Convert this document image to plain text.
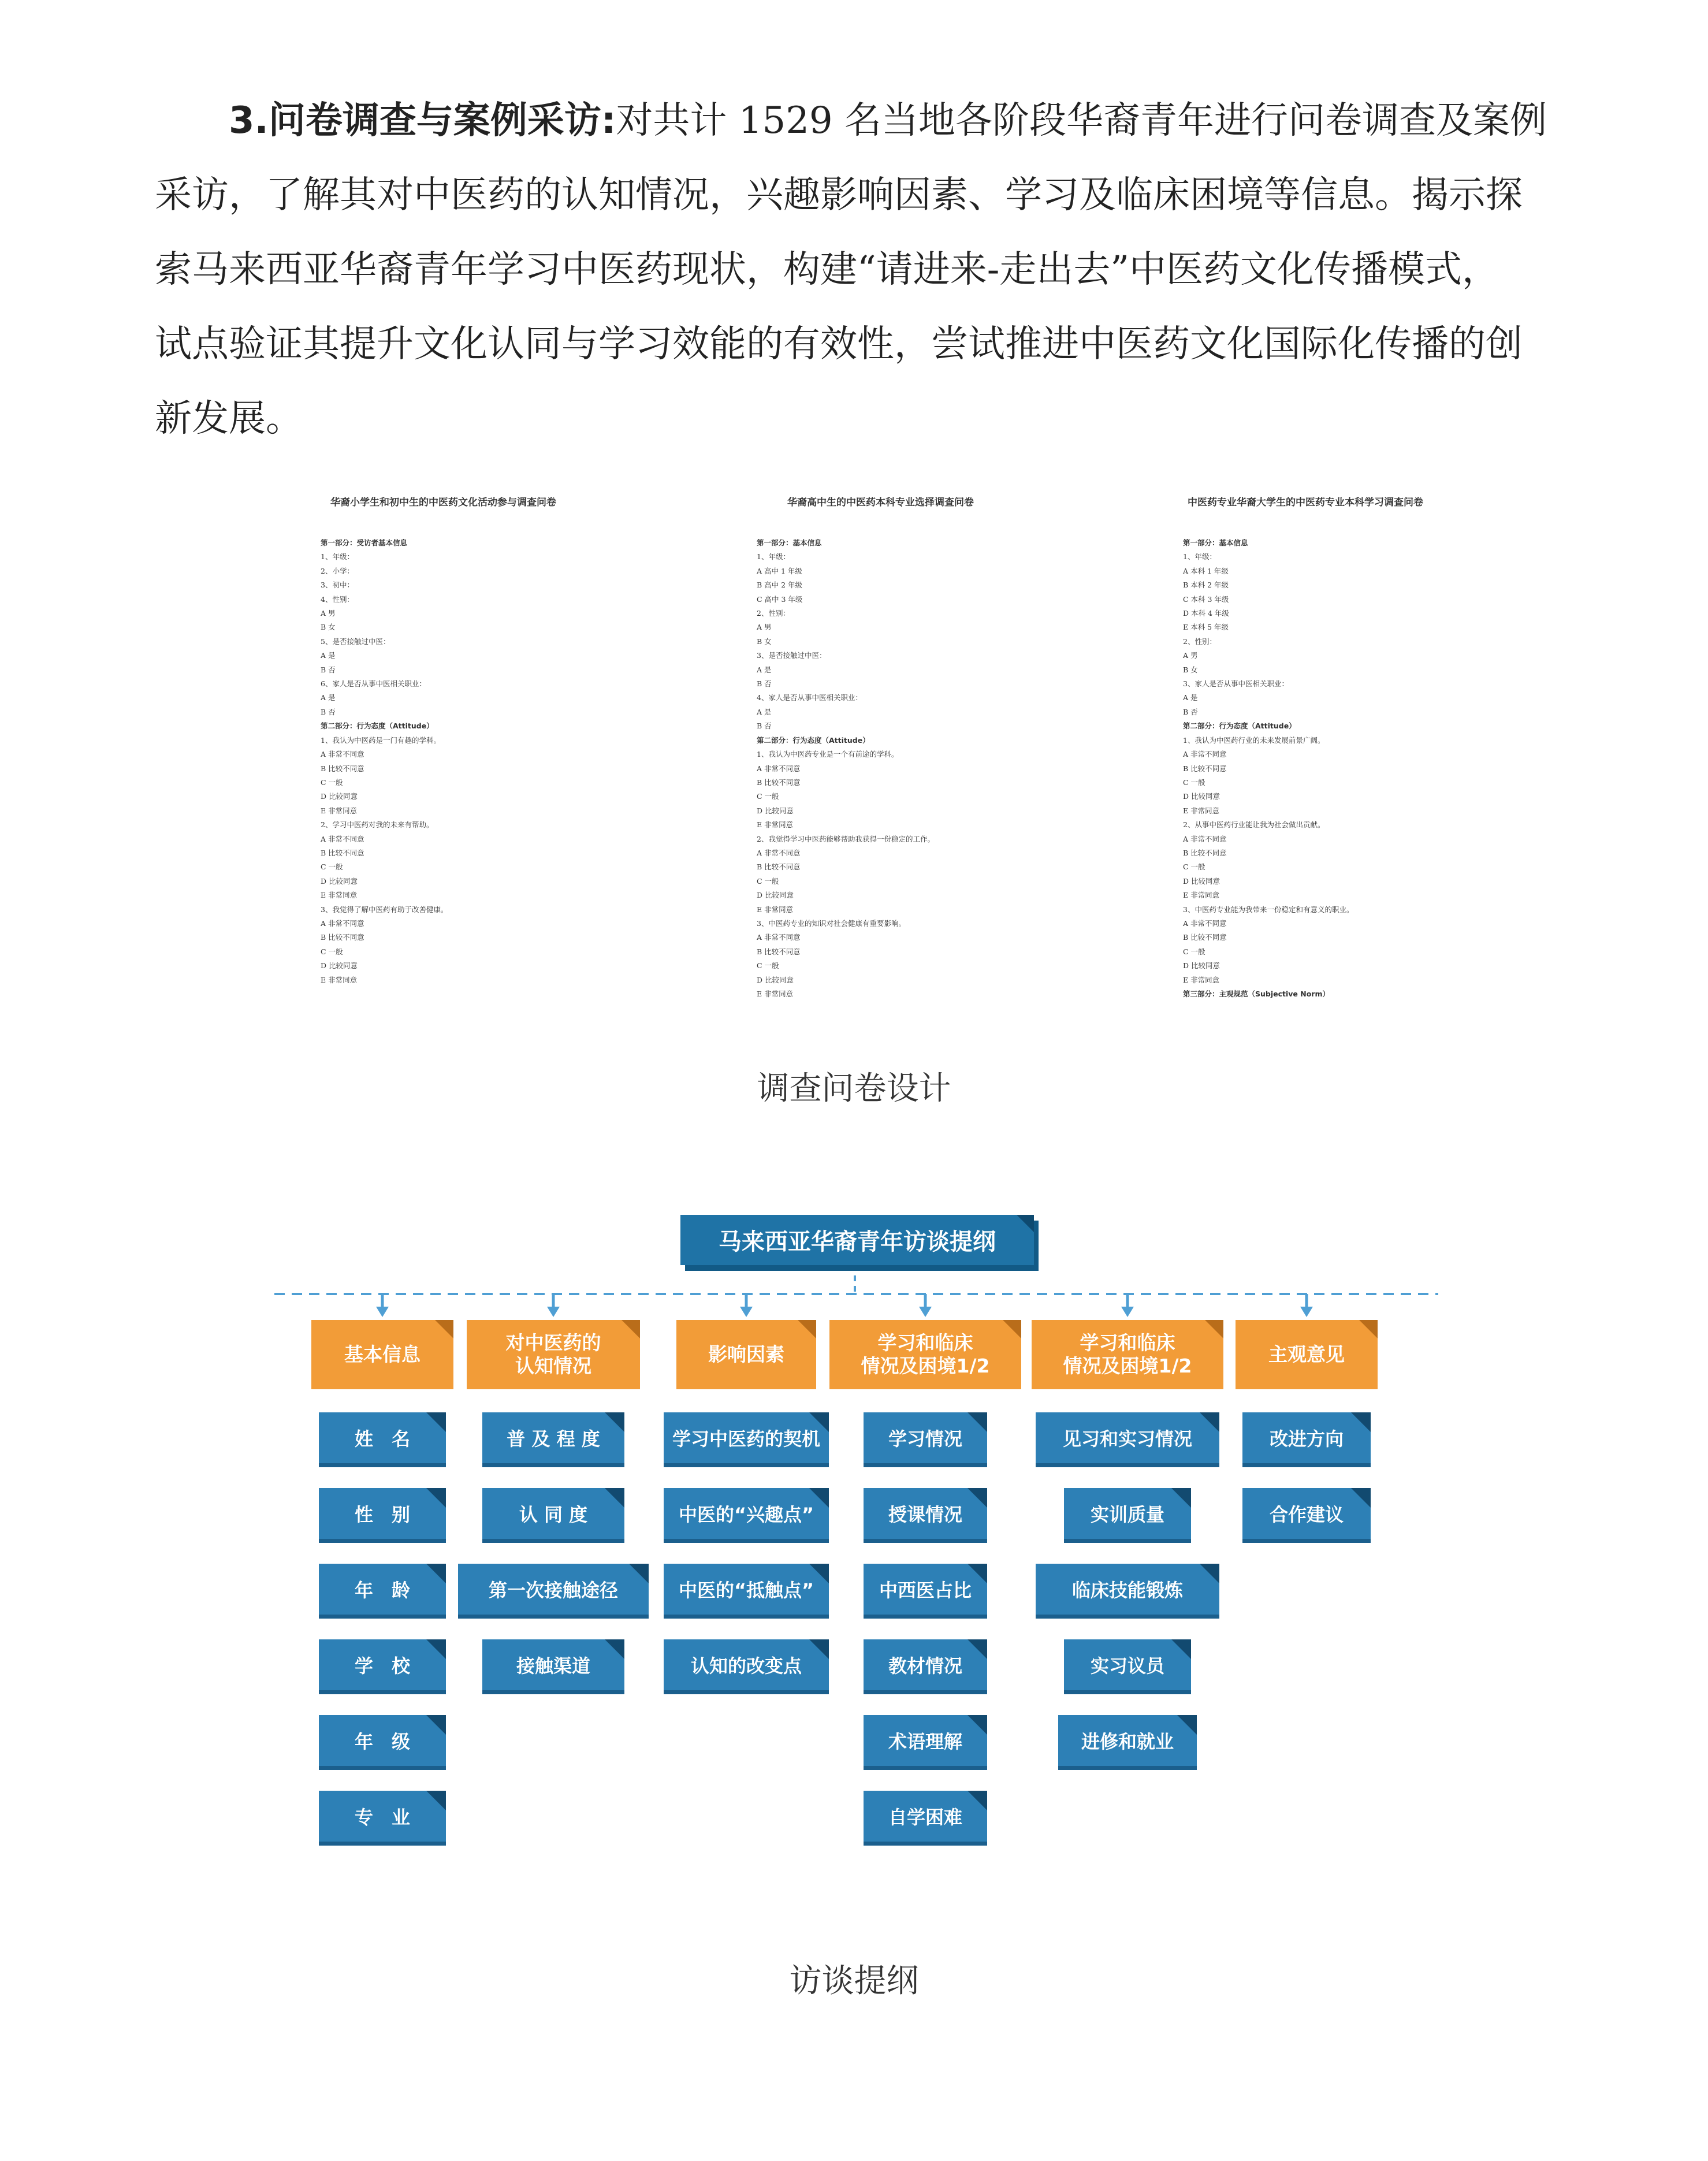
3.问卷调查与案例采访:对共计 1529 名当地各阶段华裔青年进行问卷调查及案例
采访，了解其对中医药的认知情况，兴趣影响因素、学习及临床困境等信息。揭示探
索马来西亚华裔青年学习中医药现状，构建“请进来-走出去”中医药文化传播模式，
试点验证其提升文化认同与学习效能的有效性，尝试推进中医药文化国际化传播的创
新发展。

华裔小学生和初中生的中医药文化活动参与调查问卷
第一部分：受访者基本信息
1、年级：
2、小学：
3、初中：
4、性别：
A 男
B 女
5、是否接触过中医：
A 是
B 否
6、家人是否从事中医相关职业：
A 是
B 否
第二部分：行为态度（Attitude）
1、我认为中医药是一门有趣的学科。
A 非常不同意
B 比较不同意
C 一般
D 比较同意
E 非常同意
2、学习中医药对我的未来有帮助。
A 非常不同意
B 比较不同意
C 一般
D 比较同意
E 非常同意
3、我觉得了解中医药有助于改善健康。
A 非常不同意
B 比较不同意
C 一般
D 比较同意
E 非常同意
华裔高中生的中医药本科专业选择调查问卷
第一部分：基本信息
1、年级：
A 高中 1 年级
B 高中 2 年级
C 高中 3 年级
2、性别：
A 男
B 女
3、是否接触过中医：
A 是
B 否
4、家人是否从事中医相关职业：
A 是
B 否
第二部分：行为态度（Attitude）
1、我认为中医药专业是一个有前途的学科。
A 非常不同意
B 比较不同意
C 一般
D 比较同意
E 非常同意
2、我觉得学习中医药能够帮助我获得一份稳定的工作。
A 非常不同意
B 比较不同意
C 一般
D 比较同意
E 非常同意
3、中医药专业的知识对社会健康有重要影响。
A 非常不同意
B 比较不同意
C 一般
D 比较同意
E 非常同意
中医药专业华裔大学生的中医药专业本科学习调查问卷
第一部分：基本信息
1、年级：
A 本科 1 年级
B 本科 2 年级
C 本科 3 年级
D 本科 4 年级
E 本科 5 年级
2、性别：
A 男
B 女
3、家人是否从事中医相关职业：
A 是
B 否
第二部分：行为态度（Attitude）
1、我认为中医药行业的未来发展前景广阔。
A 非常不同意
B 比较不同意
C 一般
D 比较同意
E 非常同意
2、从事中医药行业能让我为社会做出贡献。
A 非常不同意
B 比较不同意
C 一般
D 比较同意
E 非常同意
3、中医药专业能为我带来一份稳定和有意义的职业。
A 非常不同意
B 比较不同意
C 一般
D 比较同意
E 非常同意
第三部分：主观规范（Subjective Norm）
调查问卷设计
马来西亚华裔青年访谈提纲
基本信息
姓　名
性　别
年　龄
学　校
年　级
专　业
对中医药的
认知情况
普 及 程 度
认 同 度
第一次接触途径
接触渠道
影响因素
学习中医药的契机
中医的“兴趣点”
中医的“抵触点”
认知的改变点
学习和临床
情况及困境1/2
学习情况
授课情况
中西医占比
教材情况
术语理解
自学困难
学习和临床
情况及困境1/2
见习和实习情况
实训质量
临床技能锻炼
实习议员
进修和就业
主观意见
改进方向
合作建议
访谈提纲
